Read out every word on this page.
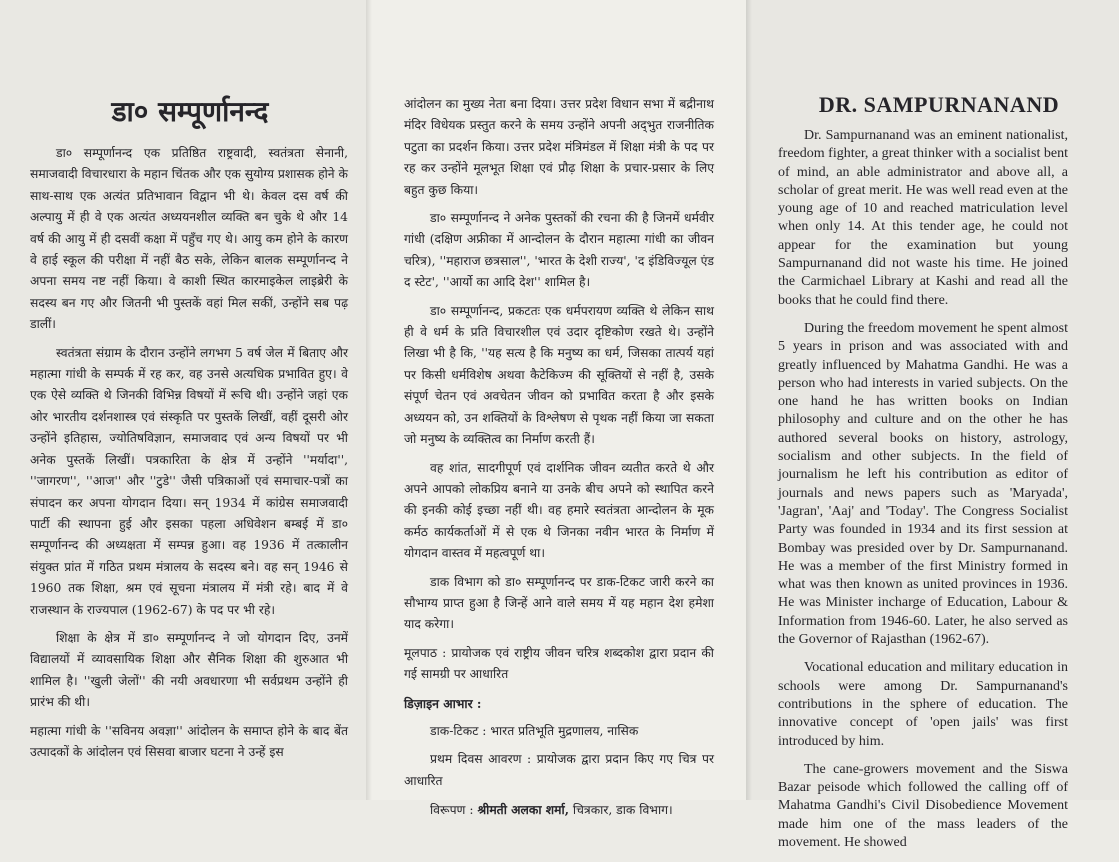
डा० सम्पूर्णानन्द

डा० सम्पूर्णानन्द एक प्रतिष्ठित राष्ट्रवादी, स्वतंत्रता सेनानी, समाजवादी विचारधारा के महान चिंतक और एक सुयोग्य प्रशासक होने के साथ-साथ एक अत्यंत प्रतिभावान विद्वान भी थे। केवल दस वर्ष की अल्पायु में ही वे एक अत्यंत अध्ययनशील व्यक्ति बन चुके थे और 14 वर्ष की आयु में ही दसवीं कक्षा में पहुँच गए थे। आयु कम होने के कारण वे हाई स्कूल की परीक्षा में नहीं बैठ सके, लेकिन बालक सम्पूर्णानन्द ने अपना समय नष्ट नहीं किया। वे काशी स्थित कारमाइकेल लाइब्रेरी के सदस्य बन गए और जितनी भी पुस्तकें वहां मिल सकीं, उन्होंने सब पढ़ डालीं।

स्वतंत्रता संग्राम के दौरान उन्होंने लगभग 5 वर्ष जेल में बिताए और महात्मा गांधी के सम्पर्क में रह कर, वह उनसे अत्यधिक प्रभावित हुए। वे एक ऐसे व्यक्ति थे जिनकी विभिन्न विषयों में रूचि थी। उन्होंने जहां एक ओर भारतीय दर्शनशास्त्र एवं संस्कृति पर पुस्तकें लिखीं, वहीं दूसरी ओर उन्होंने इतिहास, ज्योतिषविज्ञान, समाजवाद एवं अन्य विषयों पर भी अनेक पुस्तकें लिखीं। पत्रकारिता के क्षेत्र में उन्होंने ''मर्यादा'', ''जागरण'', ''आज'' और ''टुडे'' जैसी पत्रिकाओं एवं समाचार-पत्रों का संपादन कर अपना योगदान दिया। सन् 1934 में कांग्रेस समाजवादी पार्टी की स्थापना हुई और इसका पहला अधिवेशन बम्बई में डा० सम्पूर्णानन्द की अध्यक्षता में सम्पन्न हुआ। वह 1936 में तत्कालीन संयुक्त प्रांत में गठित प्रथम मंत्रालय के सदस्य बने। वह सन् 1946 से 1960 तक शिक्षा, श्रम एवं सूचना मंत्रालय में मंत्री रहे। बाद में वे राजस्थान के राज्यपाल (1962-67) के पद पर भी रहे।

शिक्षा के क्षेत्र में डा० सम्पूर्णानन्द ने जो योगदान दिए, उनमें विद्यालयों में व्यावसायिक शिक्षा और सैनिक शिक्षा की शुरुआत भी शामिल है। ''खुली जेलों'' की नयी अवधारणा भी सर्वप्रथम उन्होंने ही प्रारंभ की थी।

महात्मा गांधी के ''सविनय अवज्ञा'' आंदोलन के समाप्त होने के बाद बेंत उत्पादकों के आंदोलन एवं सिसवा बाजार घटना ने उन्हें इस

आंदोलन का मुख्य नेता बना दिया। उत्तर प्रदेश विधान सभा में बद्रीनाथ मंदिर विधेयक प्रस्तुत करने के समय उन्होंने अपनी अद्‌भुत राजनीतिक पटुता का प्रदर्शन किया। उत्तर प्रदेश मंत्रिमंडल में शिक्षा मंत्री के पद पर रह कर उन्होंने मूलभूत शिक्षा एवं प्रौढ़ शिक्षा के प्रचार-प्रसार के लिए बहुत कुछ किया।

डा० सम्पूर्णानन्द ने अनेक पुस्तकों की रचना की है जिनमें धर्मवीर गांधी (दक्षिण अफ्रीका में आन्दोलन के दौरान महात्मा गांधी का जीवन चरित्र), ''महाराज छत्रसाल'', 'भारत के देशी राज्य', 'द इंडिविज्यूल एंड द स्टेट', ''आर्यो का आदि देश'' शामिल है।

डा० सम्पूर्णानन्द, प्रकटतः एक धर्मपरायण व्यक्ति थे लेकिन साथ ही वे धर्म के प्रति विचारशील एवं उदार दृष्टिकोण रखते थे। उन्होंने लिखा भी है कि, ''यह सत्य है कि मनुष्य का धर्म, जिसका तात्पर्य यहां पर किसी धर्मविशेष अथवा कैटेकिज्म की सूक्तियों से नहीं है, उसके संपूर्ण चेतन एवं अवचेतन जीवन को प्रभावित करता है और इसके अध्ययन को, उन शक्तियों के विश्लेषण से पृथक नहीं किया जा सकता जो मनुष्य के व्यक्तित्व का निर्माण करती हैं।

वह शांत, सादगीपूर्ण एवं दार्शनिक जीवन व्यतीत करते थे और अपने आपको लोकप्रिय बनाने या उनके बीच अपने को स्थापित करने की इनकी कोई इच्छा नहीं थी। वह हमारे स्वतंत्रता आन्दोलन के मूक कर्मठ कार्यकर्ताओं में से एक थे जिनका नवीन भारत के निर्माण में योगदान वास्तव में महत्वपूर्ण था।

डाक विभाग को डा० सम्पूर्णानन्द पर डाक-टिकट जारी करने का सौभाग्य प्राप्त हुआ है जिन्हें आने वाले समय में यह महान देश हमेशा याद करेगा।

मूलपाठ : प्रायोजक एवं राष्ट्रीय जीवन चरित्र शब्दकोश द्वारा प्रदान की गई सामग्री पर आधारित

डिज़ाइन आभार :

डाक-टिकट : भारत प्रतिभूति मुद्रणालय, नासिक

प्रथम दिवस आवरण : प्रायोजक द्वारा प्रदान किए गए चित्र पर आधारित

विरूपण : श्रीमती अलका शर्मा, चित्रकार, डाक विभाग।

DR. SAMPURNANAND

Dr. Sampurnanand was an eminent nationalist, freedom fighter, a great thinker with a socialist bent of mind, an able administrator and above all, a scholar of great merit. He was well read even at the young age of 10 and reached matriculation level when only 14. At this tender age, he could not appear for the examination but young Sampurnanand did not waste his time. He joined the Carmichael Library at Kashi and read all the books that he could find there.

During the freedom movement he spent almost 5 years in prison and was associated with and greatly influenced by Mahatma Gandhi. He was a person who had interests in varied subjects. On the one hand he has written books on Indian philosophy and culture and on the other he has authored several books on history, astrology, socialism and other subjects. In the field of journalism he left his contribution as editor of journals and news papers such as 'Maryada', 'Jagran', 'Aaj' and 'Today'. The Congress Socialist Party was founded in 1934 and its first session at Bombay was presided over by Dr. Sampurnanand. He was a member of the first Ministry formed in what was then known as united provinces in 1936. He was Minister incharge of Education, Labour & Information from 1946-60. Later, he also served as the Governor of Rajasthan (1962-67).

Vocational education and military education in schools were among Dr. Sampurnanand's contributions in the sphere of education. The innovative concept of 'open jails' was first introduced by him.

The cane-growers movement and the Siswa Bazar peisode which followed the calling off of Mahatma Gandhi's Civil Disobedience Movement made him one of the mass leaders of the movement. He showed
